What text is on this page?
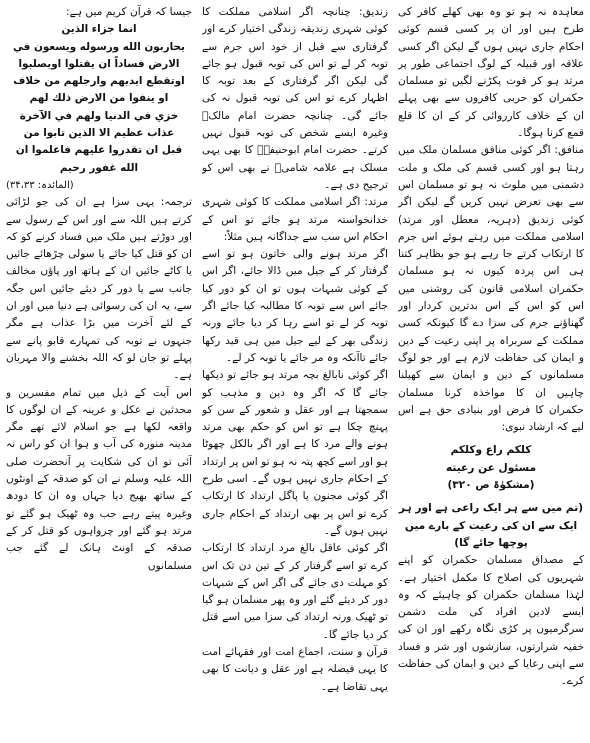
معاہدہ نہ ہو تو وہ بھی کھلے کافر کی طرح ہیں اور ان پر کسی قسم کوئی احکام جاری نہیں ہوں گے لیکن اگر کسی علاقہ اور قبیلہ کے لوگ اجتماعی طور پر مرتد ہو کر قوت پکڑنے لگیں تو مسلمان حکمران کو حربی کافروں سے بھی پہلے ان کے خلاف کارروائی کر کے ان کا قلع قمع کرنا ہوگا۔

منافق: اگر کوئی منافق مسلمان ملک میں رہتا ہو اور کسی قسم کی ملک و ملت دشمنی میں ملوث نہ ہو تو مسلمان اس سے بھی تعرض نہیں کریں گے لیکن اگر کوئی زندیق (دہریہ، معطل اور مرتد) اسلامی مملکت میں رہتے ہوئے اس جرم کا ارتکاب کرتے جا رہے ہو جو بظاہر کتنا ہی اس پردہ کیوں نہ ہو مسلمان حکمران اسلامی قانون کی روشنی میں اس کو اس کے اس بدترین کردار اور گھناؤنے جرم کی سزا دے گا کیونکہ کسی مملکت کے سربراہ پر اپنی رعیت کے دین و ایمان کی حفاظت لازم ہے اور جو لوگ مسلمانوں کے دین و ایمان سے کھیلنا چاہیں ان کا مواخذہ کرنا مسلمان حکمران کا فرض اور بنیادی حق ہے اس لیے کہ ارشاد نبوی:

كلكم راع وكلكم
مسئول عن رعيته
(مشکوٰۃ ص ۳۲۰)

(تم میں سے ہر ایک راعی ہے اور ہر ایک سے ان کی رعیت کے بارے میں پوچھا جائے گا)

کے مصداق مسلمان حکمران کو اپنے شہریوں کی اصلاح کا مکمل اختیار ہے۔ لہٰذا مسلمان حکمران کو چاہیئے کہ وہ ایسے لادین افراد کی ملت دشمن سرگرمیوں پر کڑی نگاہ رکھے اور ان کی خفیہ شرارتوں، سازشوں اور شر و فساد سے اپنی رعایا کے دین و ایمان کی حفاظت کرے۔

زندیق: چنانچہ اگر اسلامی مملکت کا کوئی شہری زندیقہ زندگی اختیار کرے اور گرفتاری سے قبل از خود اس جرم سے توبہ کر لے تو اس کی توبہ قبول ہو جائے گی لیکن اگر گرفتاری کے بعد توبہ کا اظہار کرے تو اس کی توبہ قبول نہ کی جائے گی۔ چنانچہ حضرت امام مالکؒ وغیرہ ایسے شخص کی توبہ قبول نہیں کرتے۔ حضرت امام ابوحنیفہؒ کا بھی یہی مسلک ہے علامہ شامیؒ نے بھی اس کو ترجیح دی ہے۔

مرتد: اگر اسلامی مملکت کا کوئی شہری خدانخواستہ مرتد ہو جائے تو اس کے احکام اس سب سے جداگانہ ہیں مثلاً:

اگر مرتد ہونے والی خاتون ہو تو اسے گرفتار کر کے جیل میں ڈالا جائے، اگر اس کے کوئی شبہات ہوں تو ان کو دور کیا جائے اس سے توبہ کا مطالبہ کیا جائے اگر توبہ کر لے تو اسے رہا کر دیا جائے ورنہ زندگی بھر کے لیے جیل میں ہی قید رکھا جائے تاآنکہ وہ مر جائے یا توبہ کر لے۔

اگر کوئی نابالغ بچہ مرتد ہو جائے تو دیکھا جائے گا کہ اگر وہ دین و مذہب کو سمجھتا ہے اور عقل و شعور کے سن کو پہنچ چکا ہے تو اس کو حکم بھی مرتد ہونے والے مرد کا ہے اور اگر بالکل چھوٹا ہو اور اسے کچھ پتہ نہ ہو تو اس پر ارتداد کے احکام جاری نہیں ہوں گے۔ اسی طرح اگر کوئی مجنون یا پاگل ارتداد کا ارتکاب کرے تو اس پر بھی ارتداد کے احکام جاری نہیں ہوں گے۔

اگر کوئی عاقل بالغ مرد ارتداد کا ارتکاب کرے تو اسے گرفتار کر کے تین دن تک اس کو مہلت دی جائے گی اگر اس کے شبہات دور کر دیئے گئے اور وہ پھر مسلمان ہو گیا تو ٹھیک ورنہ ارتداد کی سزا میں اسے قتل کر دیا جائے گا۔

قرآن و سنت، اجماع امت اور فقہائے امت کا یہی فیصلہ ہے اور عقل و دیانت کا بھی یہی تقاضا ہے۔

جیسا کہ قرآن کریم میں ہے:

انما جزاء الذين
يحاربون الله ورسوله ويسعون في
الارض فساداً ان يقتلوا اويصلبوا
اوتقطع ايديهم وارجلهم من خلاف
او ينفوا من الارض ذلك لهم
خزي في الدنيا ولهم في الآخرة
عذاب عظيم الا الذين تابوا من
قبل ان تقدروا عليهم فاعلموا ان
الله غفور رحيم
(المائدہ: ۳۴،۳۳)

ترجمہ: یہی سزا ہے ان کی جو لڑائی کرتے ہیں اللہ سے اور اس کے رسول سے اور دوڑتے ہیں ملک میں فساد کرنے کو کہ ان کو قتل کیا جائے یا سولی چڑھائے جائیں یا کاٹے جائیں ان کے ہاتھ اور پاؤں مخالف جانب سے یا دور کر دیئے جائیں اس جگہ سے، یہ ان کی رسوائی ہے دنیا میں اور ان کے لئے آخرت میں بڑا عذاب ہے مگر جنہوں نے توبہ کی تمہارے قابو پانے سے پہلے تو جان لو کہ اللہ بخشنے والا مہربان ہے۔

اس آیت کے ذیل میں تمام مفسرین و محدثین نے عکل و عرینہ کے ان لوگوں کا واقعہ لکھا ہے جو اسلام لائے تھے مگر مدینہ منورہ کی آب و ہوا ان کو راس نہ آئی تو ان کی شکایت پر آنحضرت صلی اللہ علیہ وسلم نے ان کو صدقہ کے اونٹوں کے ساتھ بھیج دیا جہاں وہ ان کا دودھ وغیرہ پیتے رہے جب وہ ٹھیک ہو گئے تو مرتد ہو گئے اور چرواہوں کو قتل کر کے صدقہ کے اونٹ ہانک لے گئے جب مسلمانوں
